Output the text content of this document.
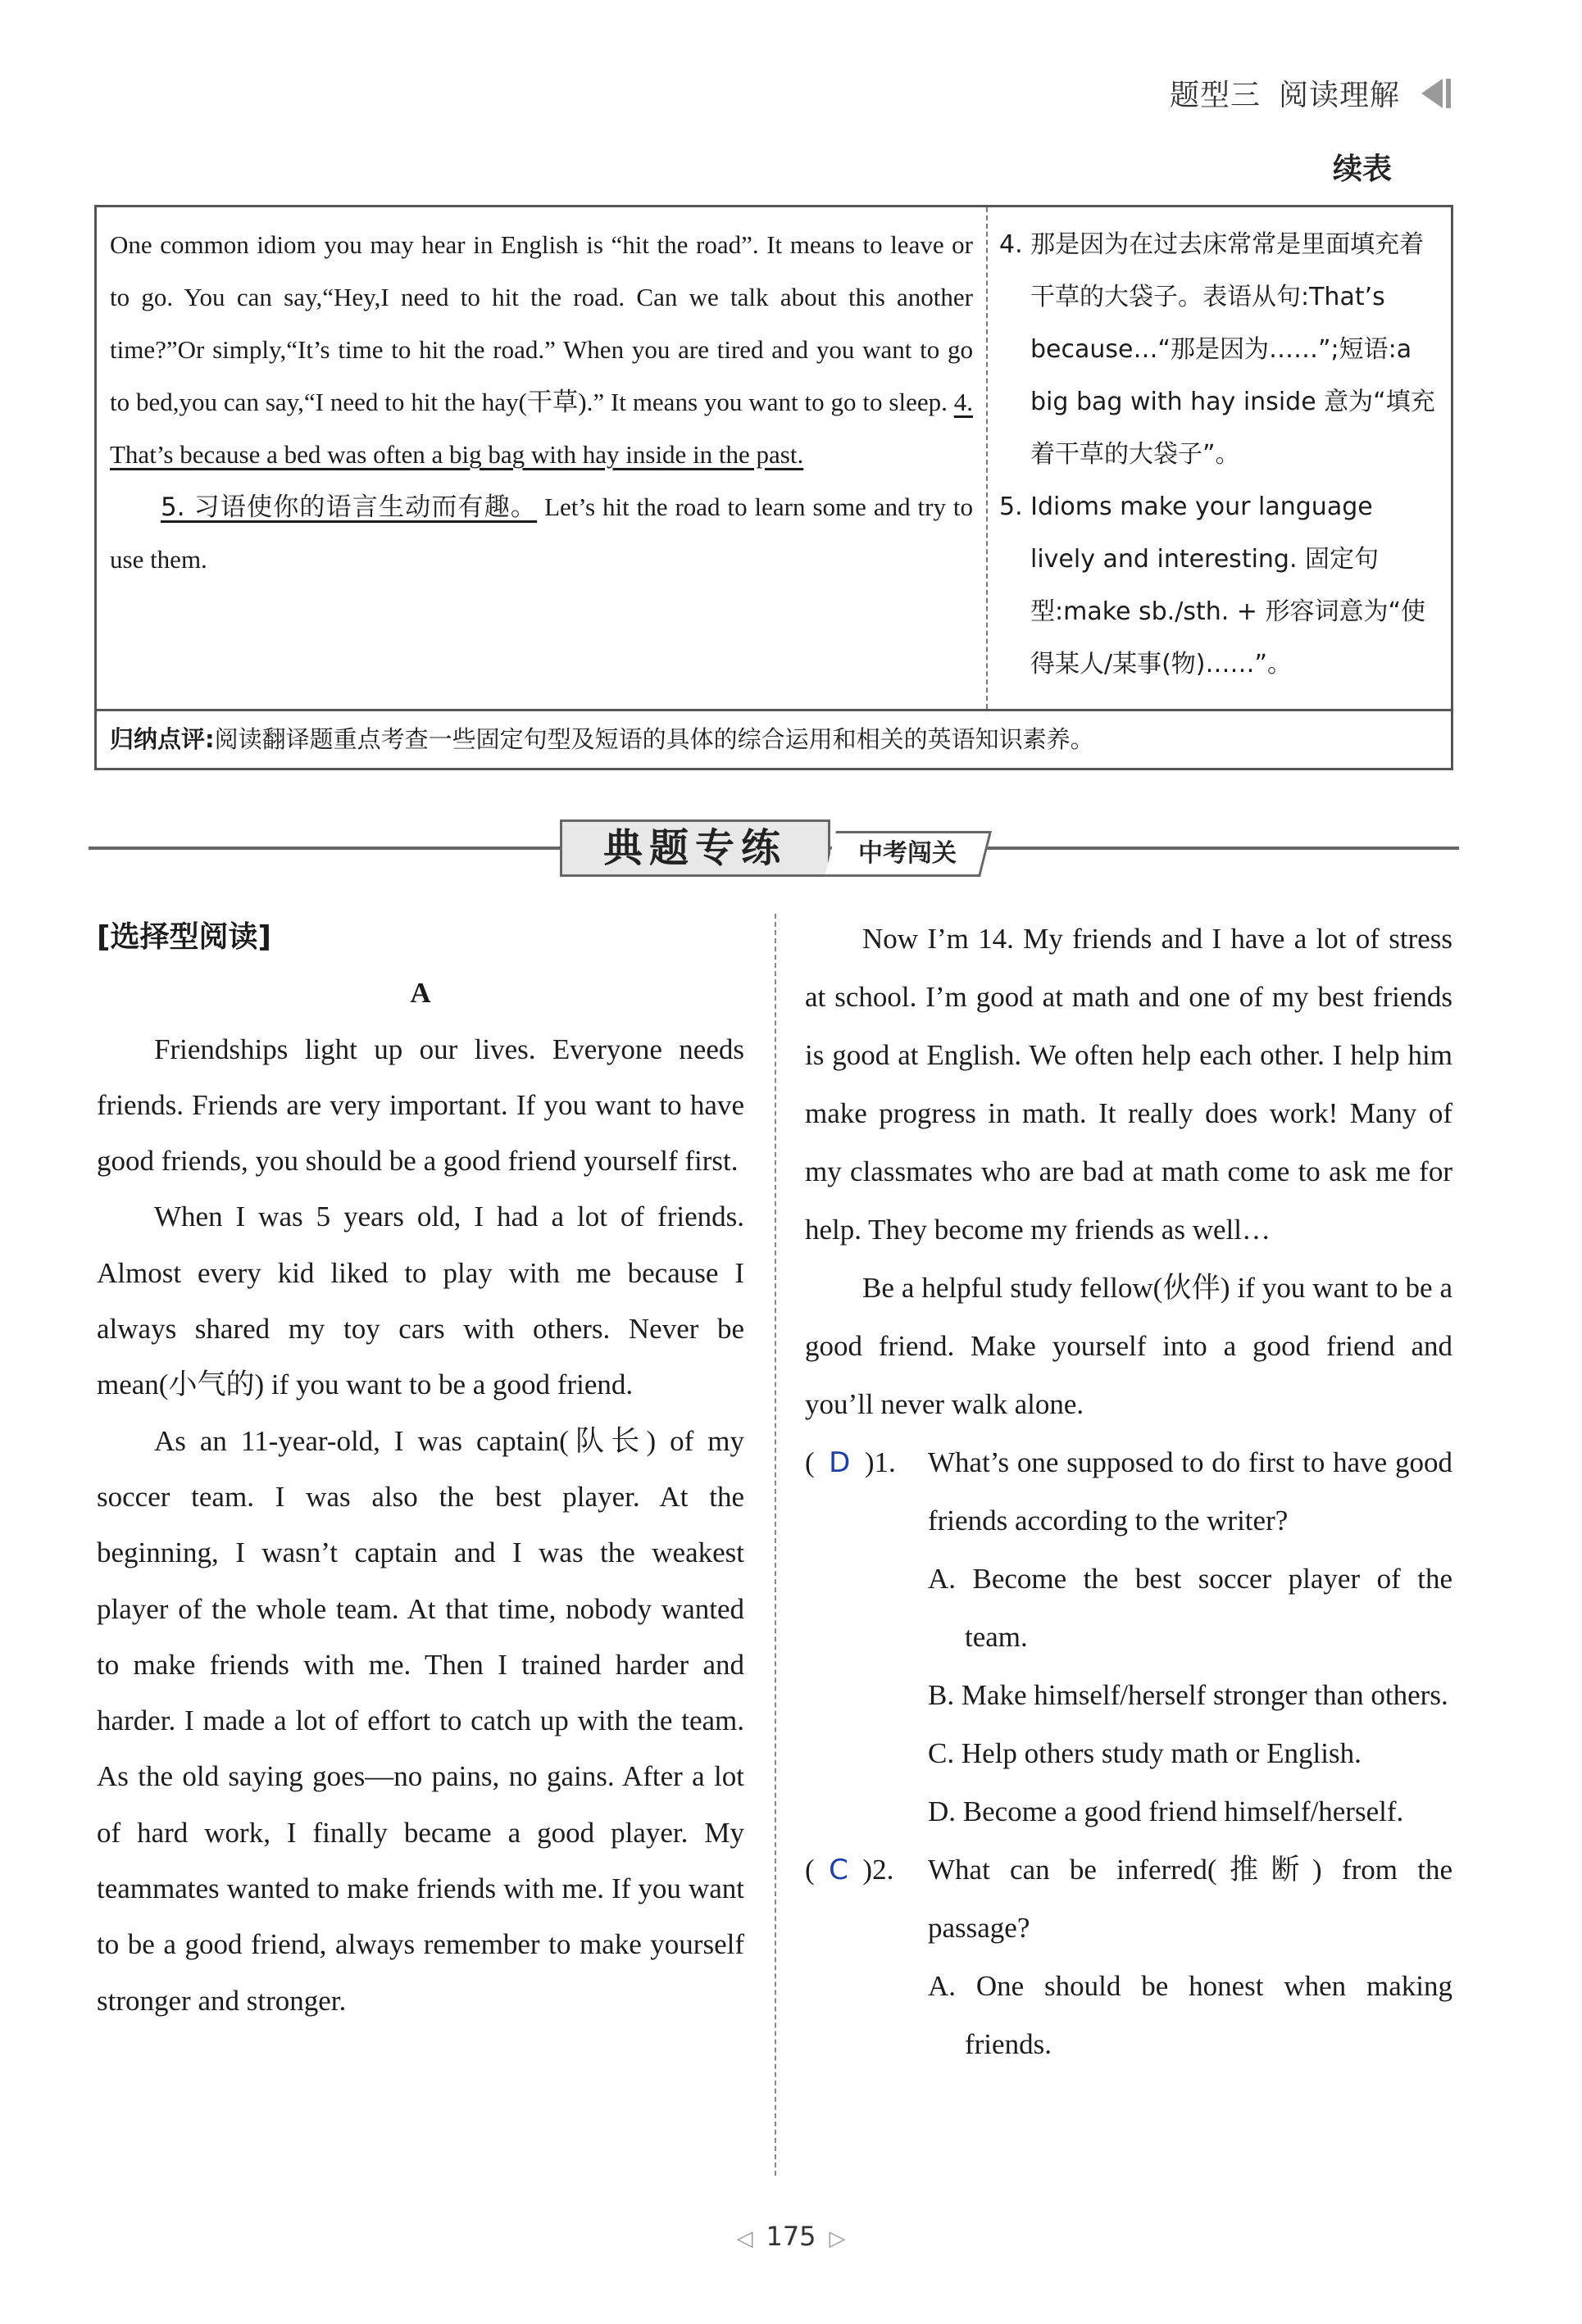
题型三 阅读理解
续表

One common idiom you may hear in English is “hit the road”. It means to leave or to go. You can say,“Hey,I need to hit the road. Can we talk about this another time?”Or simply,“It’s time to hit the road.” When you are tired and you want to go to bed,you can say,“I need to hit the hay(干草).” It means you want to go to sleep. 4. That’s because a bed was often a big bag with hay inside in the past.

5. 习语使你的语言生动而有趣。 Let’s hit the road to learn some and try to use them.

4. 那是因为在过去床常常是里面填充着干草的大袋子。表语从句:That’s because…“那是因为……”;短语:a big bag with hay inside 意为“填充着干草的大袋子”。

5. Idioms make your language lively and interesting. 固定句型:make sb./sth. + 形容词意为“使得某人/某事(物)……”。

归纳点评:阅读翻译题重点考查一些固定句型及短语的具体的综合运用和相关的英语知识素养。
典题专练	中考闯关
[选择型阅读]
A

Friendships light up our lives. Everyone needs friends. Friends are very important. If you want to have good friends, you should be a good friend yourself first.

When I was 5 years old, I had a lot of friends. Almost every kid liked to play with me because I always shared my toy cars with others. Never be mean(小气的) if you want to be a good friend.

As an 11-year-old, I was captain(队长) of my soccer team. I was also the best player. At the beginning, I wasn’t captain and I was the weakest player of the whole team. At that time, nobody wanted to make friends with me. Then I trained harder and harder. I made a lot of effort to catch up with the team. As the old saying goes—no pains, no gains. After a lot of hard work, I finally became a good player. My teammates wanted to make friends with me. If you want to be a good friend, always remember to make yourself stronger and stronger.

Now I’m 14. My friends and I have a lot of stress at school. I’m good at math and one of my best friends is good at English. We often help each other. I help him make progress in math. It really does work! Many of my classmates who are bad at math come to ask me for help. They become my friends as well…

Be a helpful study fellow(伙伴) if you want to be a good friend. Make yourself into a good friend and you’ll never walk alone.

(  D  )1. What’s one supposed to do first to have good friends according to the writer?
A. Become the best soccer player of the team.
B. Make himself/herself stronger than others.
C. Help others study math or English.
D. Become a good friend himself/herself.
(  C  )2. What can be inferred(推断) from the passage?
A. One should be honest when making friends.
◁ 175 ▷
